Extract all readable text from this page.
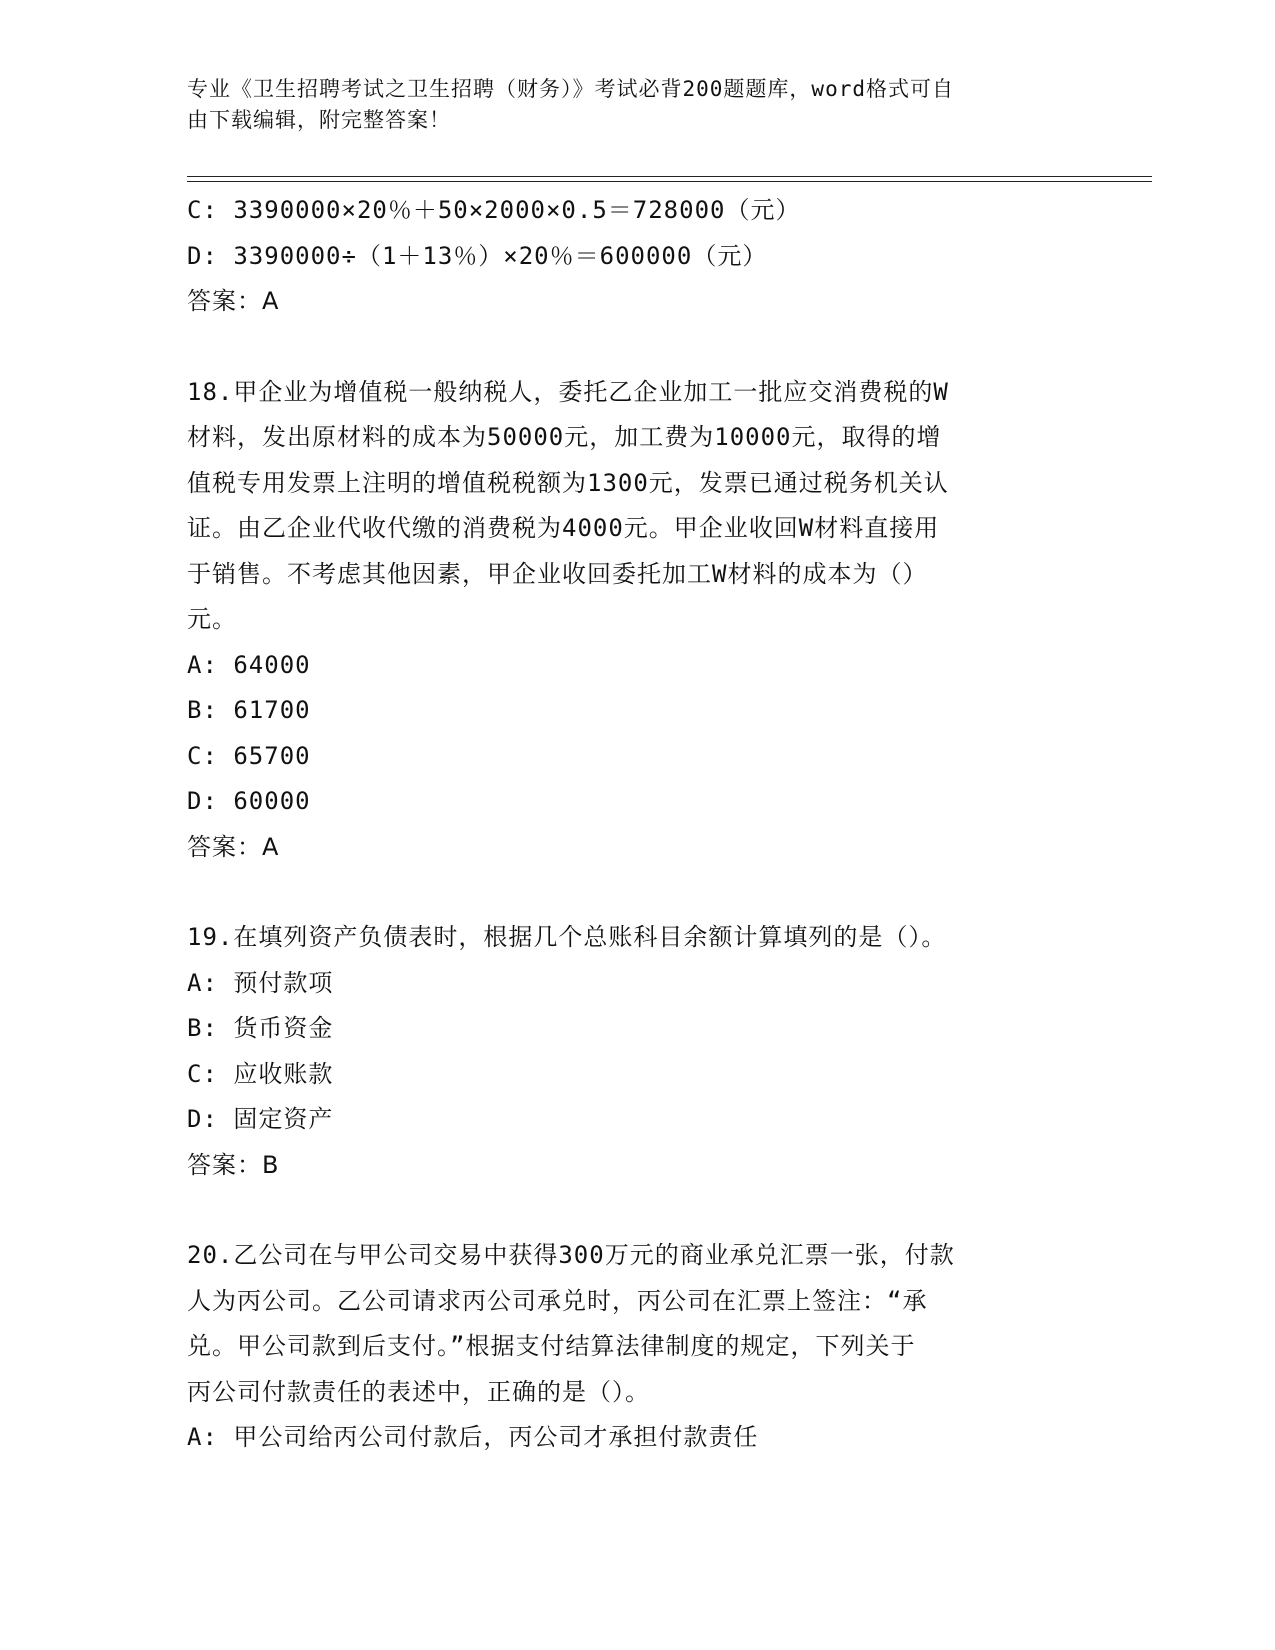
专业《卫生招聘考试之卫生招聘（财务）》考试必背200题题库，word格式可自
由下载编辑，附完整答案！
C: 3390000×20％＋50×2000×0.5＝728000（元）
D: 3390000÷（1＋13％）×20％＝600000（元）
答案：A
18.甲企业为增值税一般纳税人，委托乙企业加工一批应交消费税的W
材料，发出原材料的成本为50000元，加工费为10000元，取得的增
值税专用发票上注明的增值税税额为1300元，发票已通过税务机关认
证。由乙企业代收代缴的消费税为4000元。甲企业收回W材料直接用
于销售。不考虑其他因素，甲企业收回委托加工W材料的成本为（）
元。
A: 64000
B: 61700
C: 65700
D: 60000
答案：A
19.在填列资产负债表时，根据几个总账科目余额计算填列的是（）。
A: 预付款项
B: 货币资金
C: 应收账款
D: 固定资产
答案：B
20.乙公司在与甲公司交易中获得300万元的商业承兑汇票一张，付款
人为丙公司。乙公司请求丙公司承兑时，丙公司在汇票上签注：“承
兑。甲公司款到后支付。”根据支付结算法律制度的规定，下列关于
丙公司付款责任的表述中，正确的是（）。
A: 甲公司给丙公司付款后，丙公司才承担付款责任
